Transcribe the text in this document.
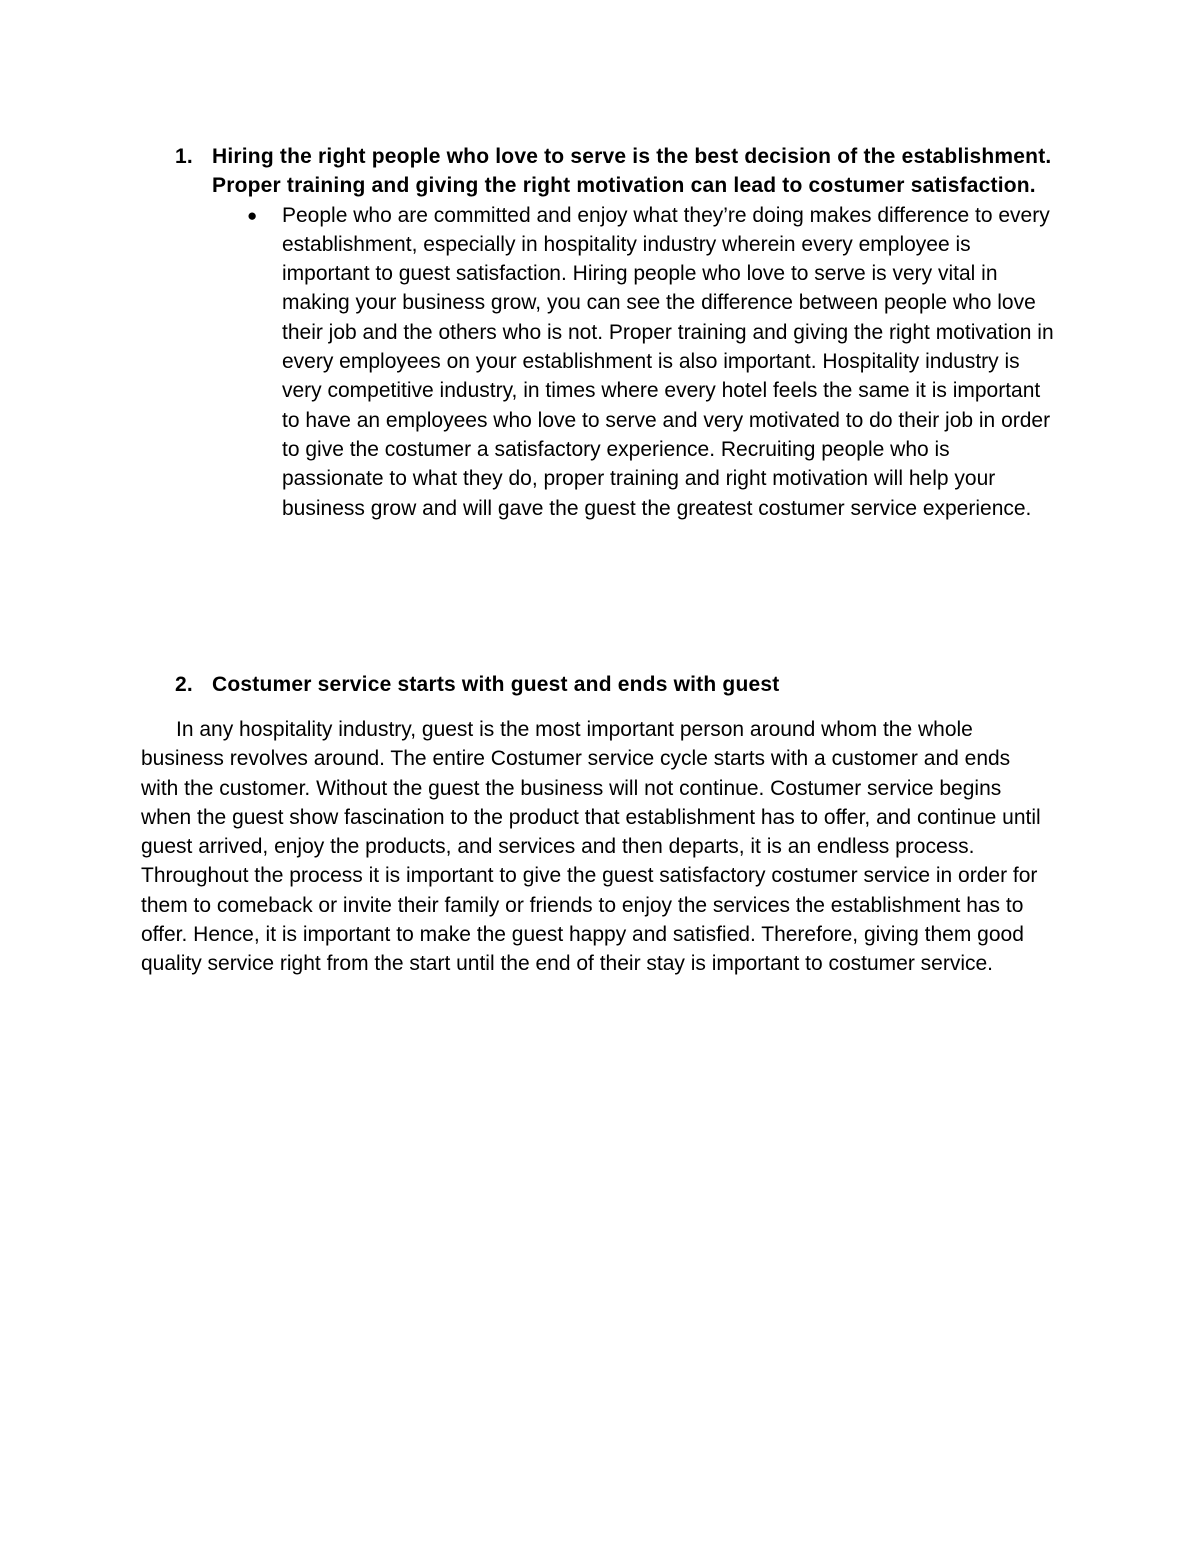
1. Hiring the right people who love to serve is the best decision of the establishment. Proper training and giving the right motivation can lead to costumer satisfaction.

● People who are committed and enjoy what they’re doing makes difference to every establishment, especially in hospitality industry wherein every employee is important to guest satisfaction. Hiring people who love to serve is very vital in making your business grow, you can see the difference between people who love their job and the others who is not. Proper training and giving the right motivation in every employees on your establishment is also important. Hospitality industry is very competitive industry, in times where every hotel feels the same it is important to have an employees who love to serve and very motivated to do their job in order to give the costumer a satisfactory experience. Recruiting people who is passionate to what they do, proper training and right motivation will help your business grow and will gave the guest the greatest costumer service experience.

2. Costumer service starts with guest and ends with guest

In any hospitality industry, guest is the most important person around whom the whole business revolves around. The entire Costumer service cycle starts with a customer and ends with the customer. Without the guest the business will not continue. Costumer service begins when the guest show fascination to the product that establishment has to offer, and continue until guest arrived, enjoy the products, and services and then departs, it is an endless process. Throughout the process it is important to give the guest satisfactory costumer service in order for them to comeback or invite their family or friends to enjoy the services the establishment has to offer. Hence, it is important to make the guest happy and satisfied. Therefore, giving them good quality service right from the start until the end of their stay is important to costumer service.
